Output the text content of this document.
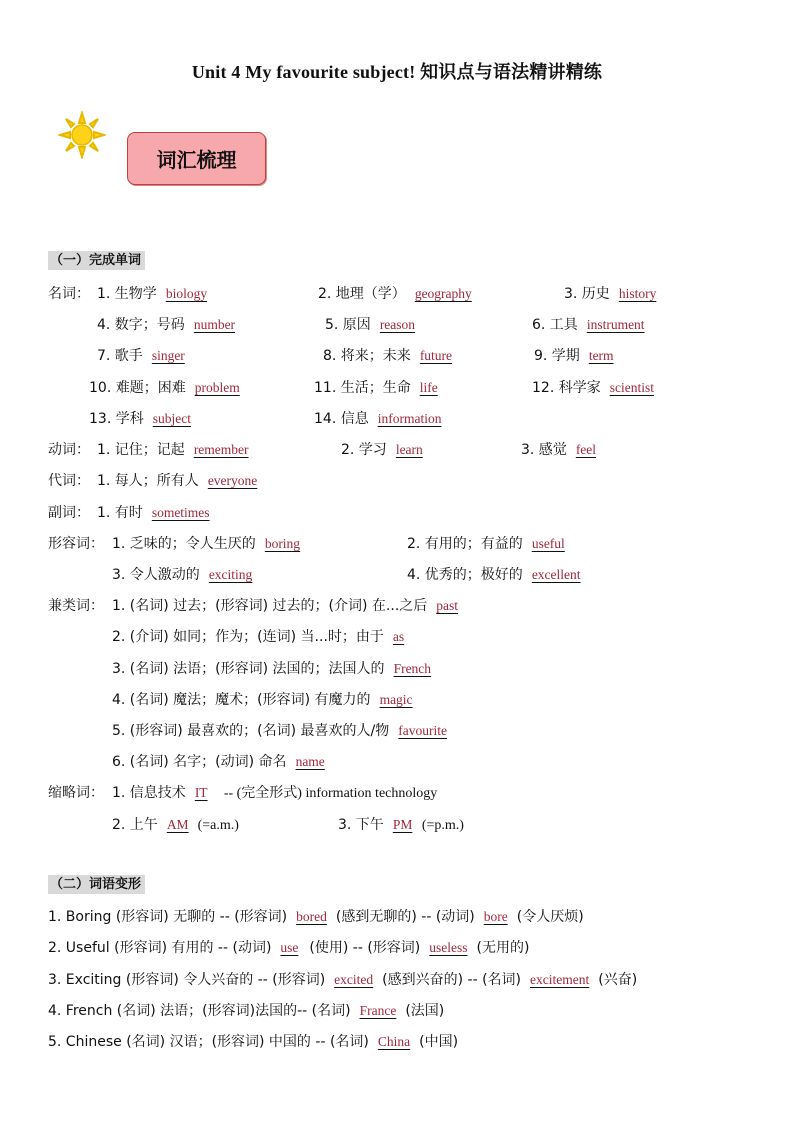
Unit 4 My favourite subject! 知识点与语法精讲精练
词汇梳理
（一）完成单词
名词： 1. 生物学 biology	2. 地理（学） geography	3. 历史 history
4. 数字；号码 number	5. 原因 reason	6. 工具 instrument
7. 歌手 singer	8. 将来；未来 future	9. 学期 term
10. 难题；困难 problem	11. 生活；生命 life	12. 科学家 scientist
13. 学科 subject	14. 信息 information
动词： 1. 记住；记起 remember	2. 学习 learn	3. 感觉 feel
代词： 1. 每人；所有人 everyone
副词： 1. 有时 sometimes
形容词： 1. 乏味的；令人生厌的 boring	2. 有用的；有益的 useful
3. 令人激动的 exciting	4. 优秀的；极好的 excellent
兼类词： 1. (名词) 过去；(形容词) 过去的；(介词) 在...之后 past
2. (介词) 如同；作为；(连词) 当...时；由于 as
3. (名词) 法语；(形容词) 法国的；法国人的 French
4. (名词) 魔法；魔术；(形容词) 有魔力的 magic
5. (形容词) 最喜欢的；(名词) 最喜欢的人/物 favourite
6. (名词) 名字；(动词) 命名 name
缩略词： 1. 信息技术 IT -- (完全形式) information technology
2. 上午 AM (=a.m.)	3. 下午 PM (=p.m.)
（二）词语变形
1. Boring (形容词) 无聊的 -- (形容词) bored (感到无聊的) -- (动词) bore (令人厌烦)
2. Useful (形容词) 有用的 -- (动词) use (使用) -- (形容词) useless (无用的)
3. Exciting (形容词) 令人兴奋的 -- (形容词) excited (感到兴奋的) -- (名词) excitement (兴奋)
4. French (名词) 法语；(形容词)法国的-- (名词) France (法国)
5. Chinese (名词) 汉语；(形容词) 中国的 -- (名词) China (中国)
